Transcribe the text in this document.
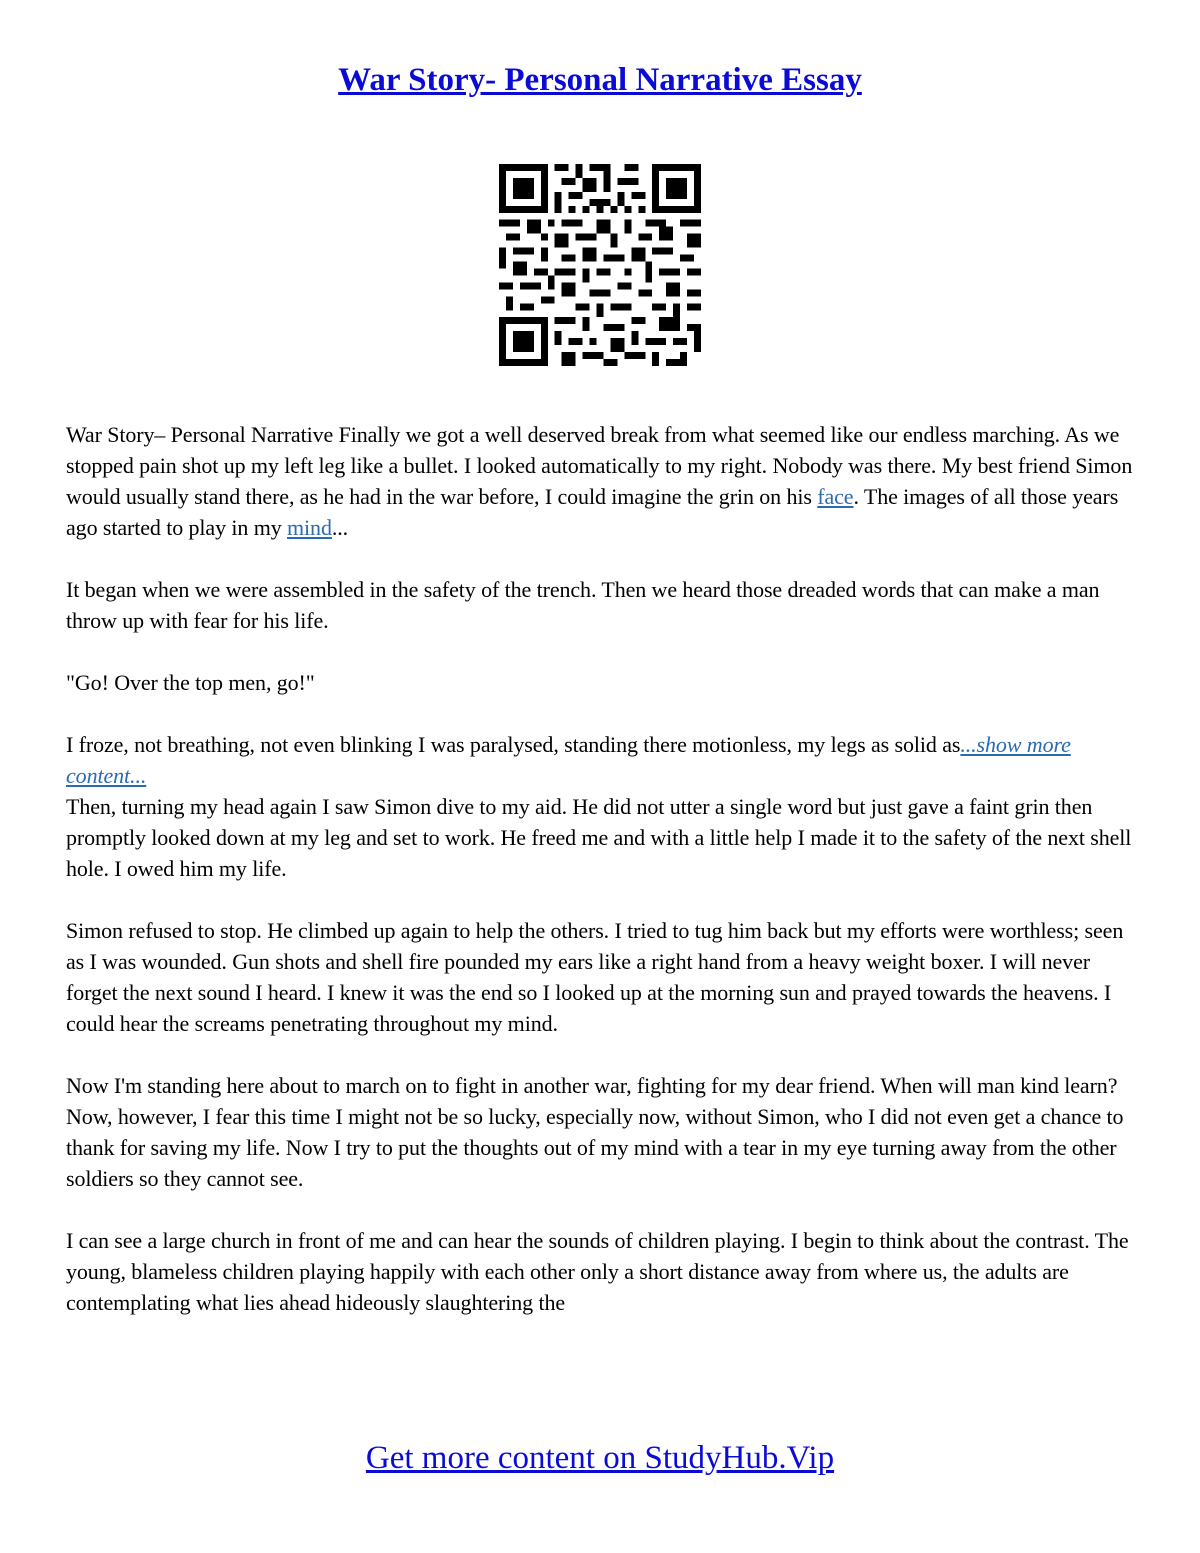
War Story- Personal Narrative Essay

War Story– Personal Narrative Finally we got a well deserved break from what seemed like our endless marching. As we stopped pain shot up my left leg like a bullet. I looked automatically to my right. Nobody was there. My best friend Simon would usually stand there, as he had in the war before, I could imagine the grin on his face. The images of all those years ago started to play in my mind...

It began when we were assembled in the safety of the trench. Then we heard those dreaded words that can make a man throw up with fear for his life.

"Go! Over the top men, go!"

I froze, not breathing, not even blinking I was paralysed, standing there motionless, my legs as solid as...show more content...

Then, turning my head again I saw Simon dive to my aid. He did not utter a single word but just gave a faint grin then promptly looked down at my leg and set to work. He freed me and with a little help I made it to the safety of the next shell hole. I owed him my life.

Simon refused to stop. He climbed up again to help the others. I tried to tug him back but my efforts were worthless; seen as I was wounded. Gun shots and shell fire pounded my ears like a right hand from a heavy weight boxer. I will never forget the next sound I heard. I knew it was the end so I looked up at the morning sun and prayed towards the heavens. I could hear the screams penetrating throughout my mind.

Now I'm standing here about to march on to fight in another war, fighting for my dear friend. When will man kind learn? Now, however, I fear this time I might not be so lucky, especially now, without Simon, who I did not even get a chance to thank for saving my life. Now I try to put the thoughts out of my mind with a tear in my eye turning away from the other soldiers so they cannot see.

I can see a large church in front of me and can hear the sounds of children playing. I begin to think about the contrast. The young, blameless children playing happily with each other only a short distance away from where us, the adults are contemplating what lies ahead hideously slaughtering the

Get more content on StudyHub.Vip
